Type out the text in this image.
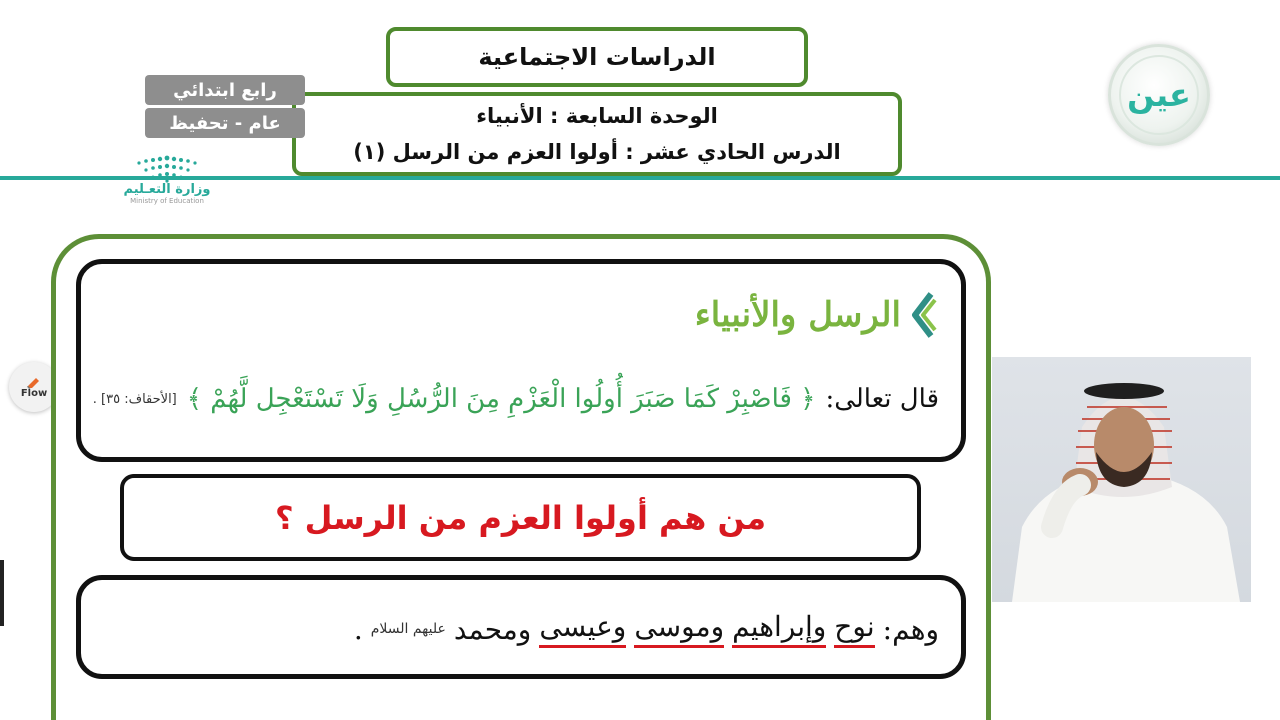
الدراسات الاجتماعية
الوحدة السابعة : الأنبياء
الدرس الحادي عشر : أولوا العزم من الرسل (١)
رابع ابتدائي
عام - تحفيظ
وزارة التعـليم
Ministry of Education
عين
Flow
الرسل والأنبياء
قال تعالى:
﴿ فَاصْبِرْ كَمَا صَبَرَ أُولُوا الْعَزْمِ مِنَ الرُّسُلِ وَلَا تَسْتَعْجِل لَّهُمْ ﴾
[الأحقاف: ٣٥] .
من هم أولوا العزم من الرسل ؟
وهم:
نوح
وإبراهيم
وموسى
وعيسى
ومحمد
عليهم السلام
.
